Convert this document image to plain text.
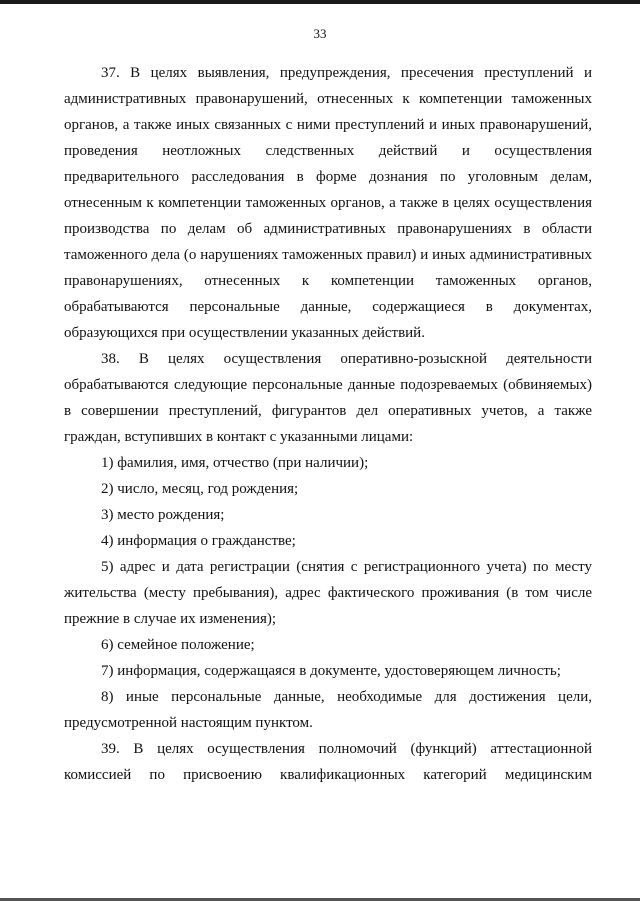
33

37. В целях выявления, предупреждения, пресечения преступлений и административных правонарушений, отнесенных к компетенции таможенных органов, а также иных связанных с ними преступлений и иных правонарушений, проведения неотложных следственных действий и осуществления предварительного расследования в форме дознания по уголовным делам, отнесенным к компетенции таможенных органов, а также в целях осуществления производства по делам об административных правонарушениях в области таможенного дела (о нарушениях таможенных правил) и иных административных правонарушениях, отнесенных к компетенции таможенных органов, обрабатываются персональные данные, содержащиеся в документах, образующихся при осуществлении указанных действий.

38. В целях осуществления оперативно-розыскной деятельности обрабатываются следующие персональные данные подозреваемых (обвиняемых) в совершении преступлений, фигурантов дел оперативных учетов, а также граждан, вступивших в контакт с указанными лицами:

1) фамилия, имя, отчество (при наличии);

2) число, месяц, год рождения;

3) место рождения;

4) информация о гражданстве;

5) адрес и дата регистрации (снятия с регистрационного учета) по месту жительства (месту пребывания), адрес фактического проживания (в том числе прежние в случае их изменения);

6) семейное положение;

7) информация, содержащаяся в документе, удостоверяющем личность;

8) иные персональные данные, необходимые для достижения цели, предусмотренной настоящим пунктом.

39. В целях осуществления полномочий (функций) аттестационной комиссией по присвоению квалификационных категорий медицинским
